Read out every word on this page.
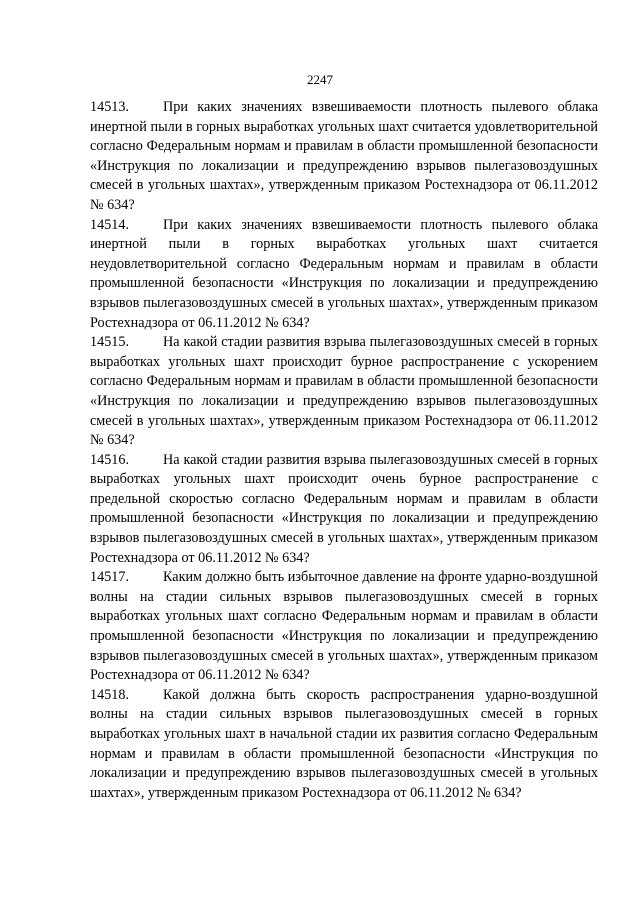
2247

14513. При каких значениях взвешиваемости плотность пылевого облака инертной пыли в горных выработках угольных шахт считается удовлетворительной согласно Федеральным нормам и правилам в области промышленной безопасности «Инструкция по локализации и предупреждению взрывов пылегазовоздушных смесей в угольных шахтах», утвержденным приказом Ростехнадзора от 06.11.2012 № 634?

14514. При каких значениях взвешиваемости плотность пылевого облака инертной пыли в горных выработках угольных шахт считается неудовлетворительной согласно Федеральным нормам и правилам в области промышленной безопасности «Инструкция по локализации и предупреждению взрывов пылегазовоздушных смесей в угольных шахтах», утвержденным приказом Ростехнадзора от 06.11.2012 № 634?

14515. На какой стадии развития взрыва пылегазовоздушных смесей в горных выработках угольных шахт происходит бурное распространение с ускорением согласно Федеральным нормам и правилам в области промышленной безопасности «Инструкция по локализации и предупреждению взрывов пылегазовоздушных смесей в угольных шахтах», утвержденным приказом Ростехнадзора от 06.11.2012 № 634?

14516. На какой стадии развития взрыва пылегазовоздушных смесей в горных выработках угольных шахт происходит очень бурное распространение с предельной скоростью согласно Федеральным нормам и правилам в области промышленной безопасности «Инструкция по локализации и предупреждению взрывов пылегазовоздушных смесей в угольных шахтах», утвержденным приказом Ростехнадзора от 06.11.2012 № 634?

14517. Каким должно быть избыточное давление на фронте ударно-воздушной волны на стадии сильных взрывов пылегазовоздушных смесей в горных выработках угольных шахт согласно Федеральным нормам и правилам в области промышленной безопасности «Инструкция по локализации и предупреждению взрывов пылегазовоздушных смесей в угольных шахтах», утвержденным приказом Ростехнадзора от 06.11.2012 № 634?

14518. Какой должна быть скорость распространения ударно-воздушной волны на стадии сильных взрывов пылегазовоздушных смесей в горных выработках угольных шахт в начальной стадии их развития согласно Федеральным нормам и правилам в области промышленной безопасности «Инструкция по локализации и предупреждению взрывов пылегазовоздушных смесей в угольных шахтах», утвержденным приказом Ростехнадзора от 06.11.2012 № 634?
